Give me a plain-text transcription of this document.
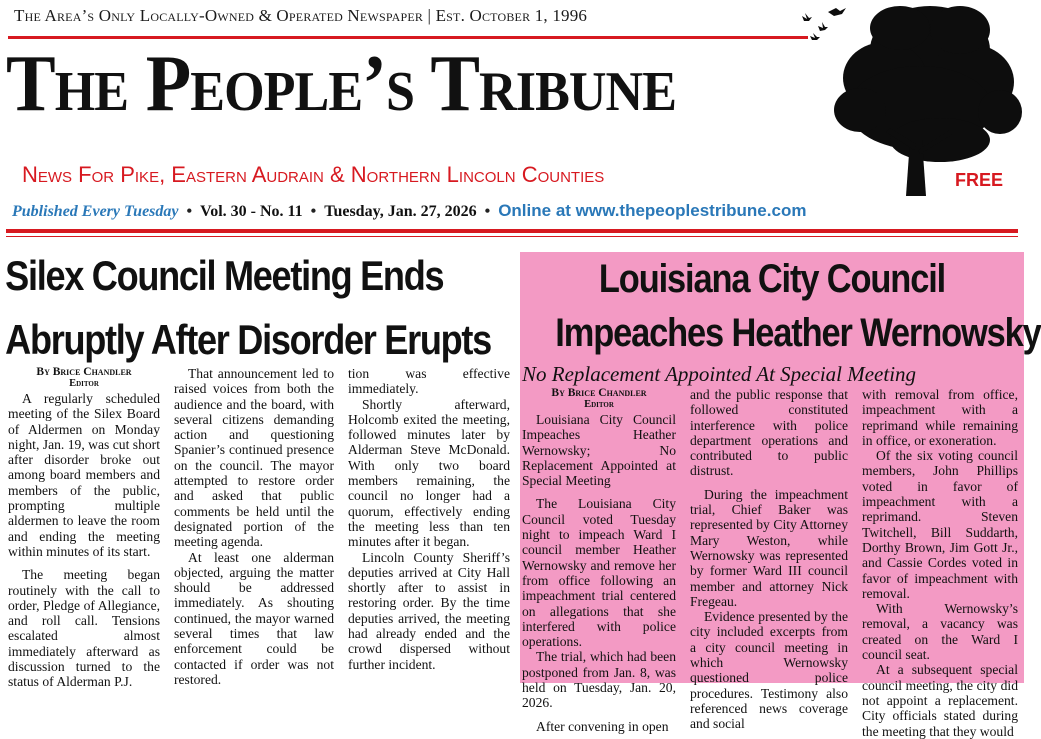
The Area’s Only Locally-Owned & Operated Newspaper | Est. October 1, 1996
The People’s Tribune
News For Pike, Eastern Audrain & Northern Lincoln Counties	FREE
Published Every Tuesday • Vol. 30 - No. 11 • Tuesday, Jan. 27, 2026 • Online at www.thepeoplestribune.com
Silex Council Meeting Ends
Abruptly After Disorder Erupts
By Brice Chandler
Editor

A regularly scheduled meeting of the Silex Board of Aldermen on Monday night, Jan. 19, was cut short after disorder broke out among board members and members of the public, prompting multiple aldermen to leave the room and ending the meeting within minutes of its start.

The meeting began routinely with the call to order, Pledge of Allegiance, and roll call. Tensions escalated almost immediately afterward as discussion turned to the status of Alderman P.J.

That announcement led to raised voices from both the audience and the board, with several citizens demanding action and questioning Spanier’s continued presence on the council. The mayor attempted to restore order and asked that public comments be held until the designated portion of the meeting agenda.

At least one alderman objected, arguing the matter should be addressed immediately. As shouting continued, the mayor warned several times that law enforcement could be contacted if order was not restored.

tion was effective immediately.

Shortly afterward, Holcomb exited the meeting, followed minutes later by Alderman Steve McDonald. With only two board members remaining, the council no longer had a quorum, effectively ending the meeting less than ten minutes after it began.

Lincoln County Sheriff’s deputies arrived at City Hall shortly after to assist in restoring order. By the time deputies arrived, the meeting had already ended and the crowd dispersed without further incident.

Louisiana City Council
Impeaches Heather Wernowsky
No Replacement Appointed At Special Meeting
By Brice Chandler
Editor

Louisiana City Council Impeaches Heather Wernowsky; No Replacement Appointed at Special Meeting

The Louisiana City Council voted Tuesday night to impeach Ward I council member Heather Wernowsky and remove her from office following an impeachment trial centered on allegations that she interfered with police operations.

The trial, which had been postponed from Jan. 8, was held on Tuesday, Jan. 20, 2026.

After convening in open

and the public response that followed constituted interference with police department operations and contributed to public distrust.

During the impeachment trial, Chief Baker was represented by City Attorney Mary Weston, while Wernowsky was represented by former Ward III council member and attorney Nick Fregeau.

Evidence presented by the city included excerpts from a city council meeting in which Wernowsky questioned police procedures. Testimony also referenced news coverage and social

with removal from office, impeachment with a reprimand while remaining in office, or exoneration.

Of the six voting council members, John Phillips voted in favor of impeachment with a reprimand. Steven Twitchell, Bill Suddarth, Dorthy Brown, Jim Gott Jr., and Cassie Cordes voted in favor of impeachment with removal.

With Wernowsky’s removal, a vacancy was created on the Ward I council seat.

At a subsequent special council meeting, the city did not appoint a replacement. City officials stated during the meeting that they would
